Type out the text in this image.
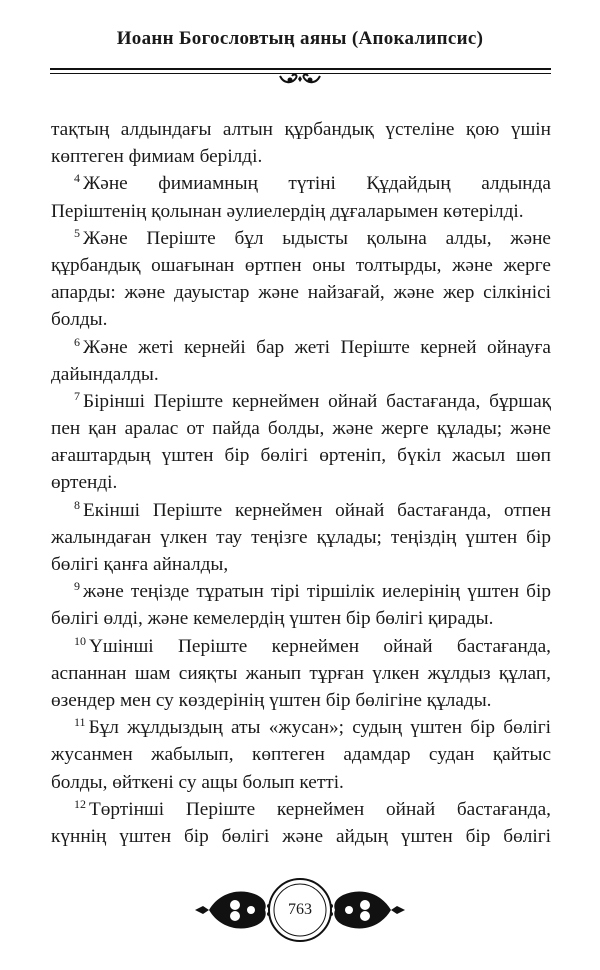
Иоанн Богословтың аяны (Апокалипсис)
тақтың алдындағы алтын құрбандық үстеліне қою үшін
көптеген фимиам берілді.
$^4$ Және фимиамның түтіні Құдайдың алдында
Періштенің қолынан әулиелердің дұғаларымен көтерілді.
$^5$ Және Періште бұл ыдысты қолына алды, және
құрбандық ошағынан өртпен оны толтырды, және жерге
апарды: және дауыстар және найзағай, және жер сілкінісі
болды.
$^6$ Және жеті кернейі бар жеті Періште керней ойнауға
дайындалды.
$^7$ Бірінші Періште кернеймен ойнай бастағанда, бұршақ
пен қан аралас от пайда болды, және жерге құлады; және
ағаштардың үштен бір бөлігі өртеніп, бүкіл жасыл шөп
өртенді.
$^8$ Екінші Періште кернеймен ойнай бастағанда, отпен
жалындаған үлкен тау теңізге құлады; теңіздің үштен бір
бөлігі қанға айналды,
$^9$ және теңізде тұратын тірі тіршілік иелерінің үштен бір
бөлігі өлді, және кемелердің үштен бір бөлігі қирады.
$^{10}$ Үшінші Періште кернеймен ойнай бастағанда,
аспаннан шам сияқты жанып тұрған үлкен жұлдыз құлап,
өзендер мен су көздерінің үштен бір бөлігіне құлады.
$^{11}$ Бұл жұлдыздың аты «жусан»; судың үштен бір бөлігі
жусанмен жабылып, көптеген адамдар судан қайтыс
болды, өйткені су ащы болып кетті.
$^{12}$ Төртінші Періште кернеймен ойнай бастағанда,
күннің үштен бір бөлігі және айдың үштен бір бөлігі
763
